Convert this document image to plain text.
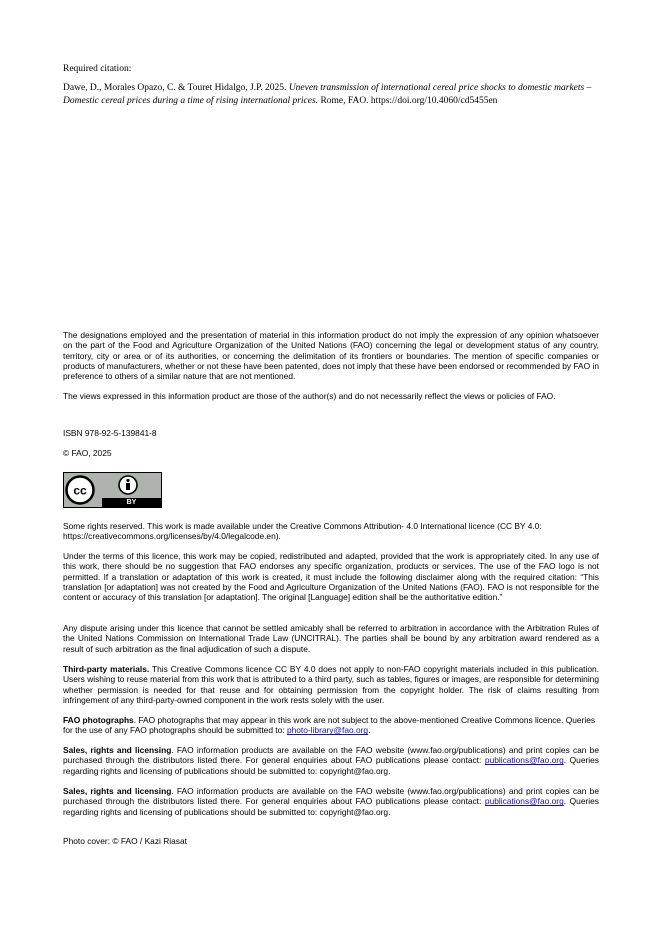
Required citation:
Dawe, D., Morales Opazo, C. & Touret Hidalgo, J.P. 2025. Uneven transmission of international cereal price shocks to domestic markets – Domestic cereal prices during a time of rising international prices. Rome, FAO. https://doi.org/10.4060/cd5455en

The designations employed and the presentation of material in this information product do not imply the expression of any opinion whatsoever on the part of the Food and Agriculture Organization of the United Nations (FAO) concerning the legal or development status of any country, territory, city or area or of its authorities, or concerning the delimitation of its frontiers or boundaries. The mention of specific companies or products of manufacturers, whether or not these have been patented, does not imply that these have been endorsed or recommended by FAO in preference to others of a similar nature that are not mentioned.

The views expressed in this information product are those of the author(s) and do not necessarily reflect the views or policies of FAO.

ISBN 978-92-5-139841-8

© FAO, 2025

cc
BY

Some rights reserved. This work is made available under the Creative Commons Attribution- 4.0 International licence (CC BY 4.0: https://creativecommons.org/licenses/by/4.0/legalcode.en).

Under the terms of this licence, this work may be copied, redistributed and adapted, provided that the work is appropriately cited. In any use of this work, there should be no suggestion that FAO endorses any specific organization, products or services. The use of the FAO logo is not permitted. If a translation or adaptation of this work is created, it must include the following disclaimer along with the required citation: “This translation [or adaptation] was not created by the Food and Agriculture Organization of the United Nations (FAO). FAO is not responsible for the content or accuracy of this translation [or adaptation]. The original [Language] edition shall be the authoritative edition.”

Any dispute arising under this licence that cannot be settled amicably shall be referred to arbitration in accordance with the Arbitration Rules of the United Nations Commission on International Trade Law (UNCITRAL). The parties shall be bound by any arbitration award rendered as a result of such arbitration as the final adjudication of such a dispute.

Third-party materials. This Creative Commons licence CC BY 4.0 does not apply to non-FAO copyright materials included in this publication. Users wishing to reuse material from this work that is attributed to a third party, such as tables, figures or images, are responsible for determining whether permission is needed for that reuse and for obtaining permission from the copyright holder. The risk of claims resulting from infringement of any third-party-owned component in the work rests solely with the user.

FAO photographs. FAO photographs that may appear in this work are not subject to the above-mentioned Creative Commons licence. Queries for the use of any FAO photographs should be submitted to: photo-library@fao.org.

Sales, rights and licensing. FAO information products are available on the FAO website (www.fao.org/publications) and print copies can be purchased through the distributors listed there. For general enquiries about FAO publications please contact: publications@fao.org. Queries regarding rights and licensing of publications should be submitted to: copyright@fao.org.

Sales, rights and licensing. FAO information products are available on the FAO website (www.fao.org/publications) and print copies can be purchased through the distributors listed there. For general enquiries about FAO publications please contact: publications@fao.org. Queries regarding rights and licensing of publications should be submitted to: copyright@fao.org.

Photo cover: © FAO / Kazi Riasat
